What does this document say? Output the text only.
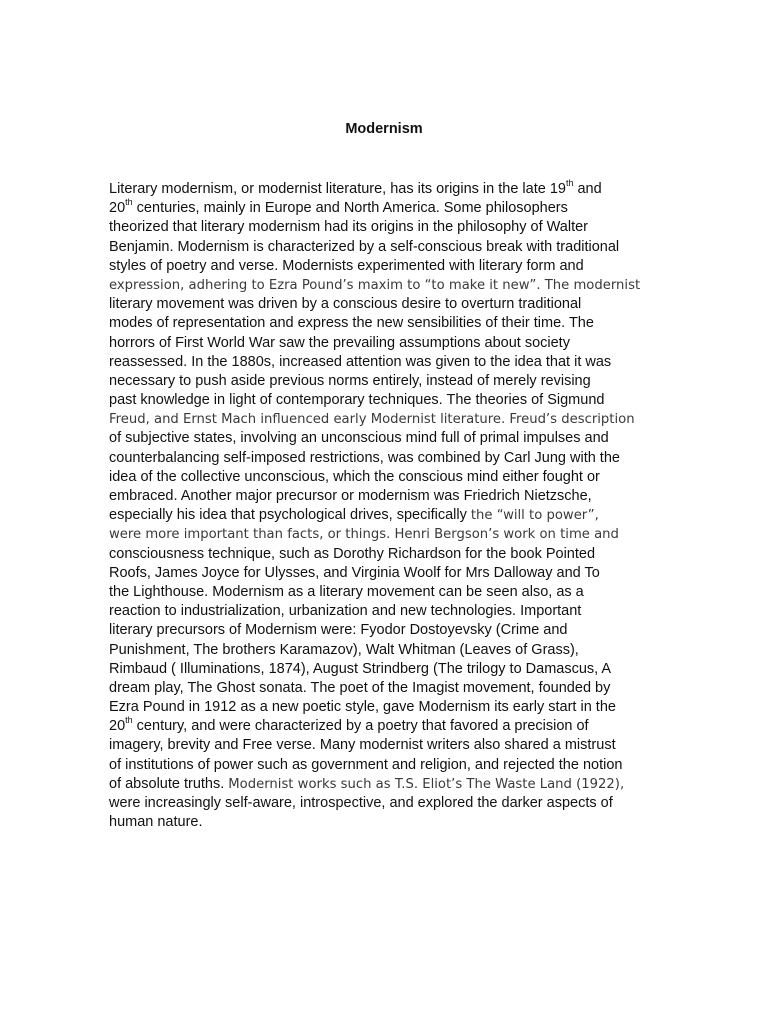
Modernism
Literary modernism, or modernist literature, has its origins in the late 19th and
20th centuries, mainly in Europe and North America. Some philosophers
theorized that literary modernism had its origins in the philosophy of Walter
Benjamin. Modernism is characterized by a self-conscious break with traditional
styles of poetry and verse. Modernists experimented with literary form and
expression, adhering to Ezra Pound’s maxim to “to make it new”. The modernist
literary movement was driven by a conscious desire to overturn traditional
modes of representation and express the new sensibilities of their time. The
horrors of First World War saw the prevailing assumptions about society
reassessed. In the 1880s, increased attention was given to the idea that it was
necessary to push aside previous norms entirely, instead of merely revising
past knowledge in light of contemporary techniques. The theories of Sigmund
Freud, and Ernst Mach influenced early Modernist literature. Freud’s description
of subjective states, involving an unconscious mind full of primal impulses and
counterbalancing self-imposed restrictions, was combined by Carl Jung with the
idea of the collective unconscious, which the conscious mind either fought or
embraced. Another major precursor or modernism was Friedrich Nietzsche,
especially his idea that psychological drives, specifically the “will to power”,
were more important than facts, or things. Henri Bergson’s work on time and
consciousness technique, such as Dorothy Richardson for the book Pointed
Roofs, James Joyce for Ulysses, and Virginia Woolf for Mrs Dalloway and To
the Lighthouse. Modernism as a literary movement can be seen also, as a
reaction to industrialization, urbanization and new technologies. Important
literary precursors of Modernism were: Fyodor Dostoyevsky (Crime and
Punishment, The brothers Karamazov), Walt Whitman (Leaves of Grass),
Rimbaud ( Illuminations, 1874), August Strindberg (The trilogy to Damascus, A
dream play, The Ghost sonata. The poet of the Imagist movement, founded by
Ezra Pound in 1912 as a new poetic style, gave Modernism its early start in the
20th century, and were characterized by a poetry that favored a precision of
imagery, brevity and Free verse. Many modernist writers also shared a mistrust
of institutions of power such as government and religion, and rejected the notion
of absolute truths. Modernist works such as T.S. Eliot’s The Waste Land (1922),
were increasingly self-aware, introspective, and explored the darker aspects of
human nature.
